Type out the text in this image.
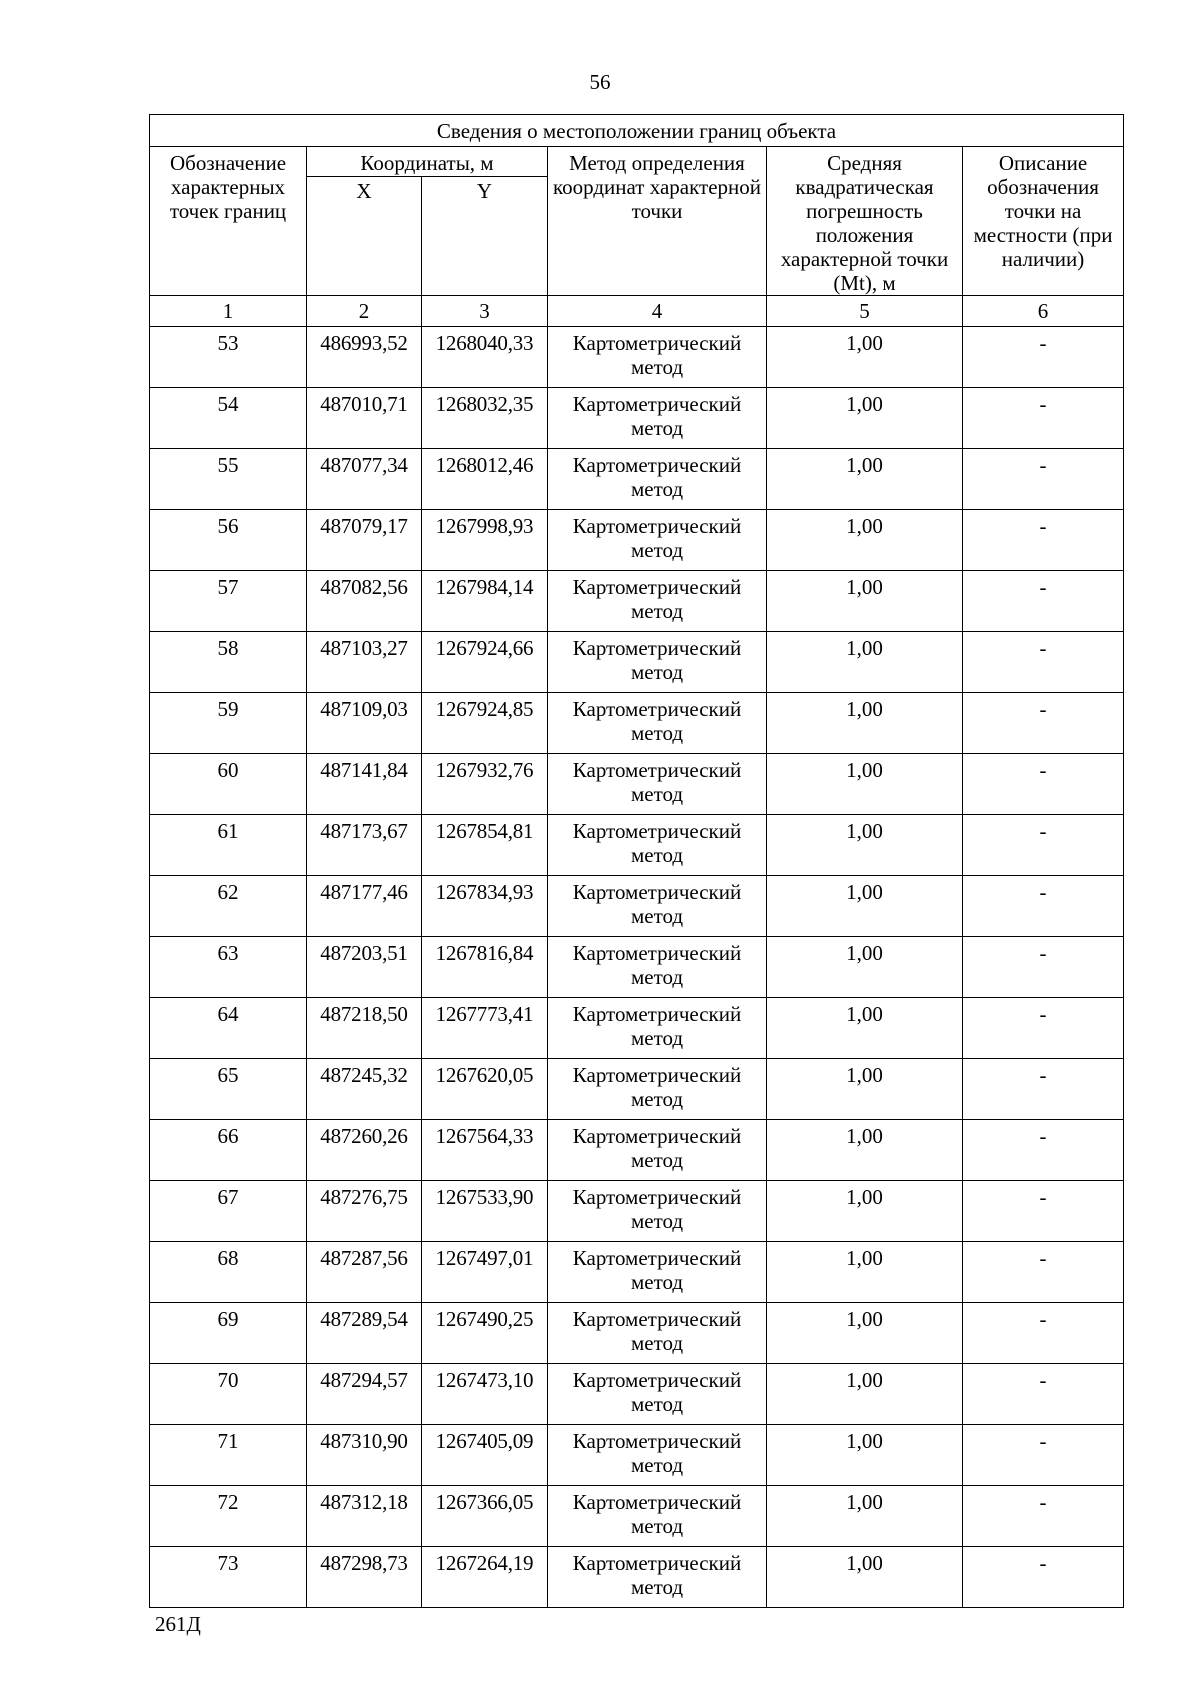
56
Сведения о местоположении границ объекта					
Обозначение характерных точек границ	Координаты, м		Метод определения координат характерной точки	Средняя квадратическая погрешность положения характерной точки (Mt), м	Описание обозначения точки на местности (при наличии)
	X	Y			
1	2	3	4	5	6
53	486993,52	1268040,33	Картометрический метод	1,00	-
54	487010,71	1268032,35	Картометрический метод	1,00	-
55	487077,34	1268012,46	Картометрический метод	1,00	-
56	487079,17	1267998,93	Картометрический метод	1,00	-
57	487082,56	1267984,14	Картометрический метод	1,00	-
58	487103,27	1267924,66	Картометрический метод	1,00	-
59	487109,03	1267924,85	Картометрический метод	1,00	-
60	487141,84	1267932,76	Картометрический метод	1,00	-
61	487173,67	1267854,81	Картометрический метод	1,00	-
62	487177,46	1267834,93	Картометрический метод	1,00	-
63	487203,51	1267816,84	Картометрический метод	1,00	-
64	487218,50	1267773,41	Картометрический метод	1,00	-
65	487245,32	1267620,05	Картометрический метод	1,00	-
66	487260,26	1267564,33	Картометрический метод	1,00	-
67	487276,75	1267533,90	Картометрический метод	1,00	-
68	487287,56	1267497,01	Картометрический метод	1,00	-
69	487289,54	1267490,25	Картометрический метод	1,00	-
70	487294,57	1267473,10	Картометрический метод	1,00	-
71	487310,90	1267405,09	Картометрический метод	1,00	-
72	487312,18	1267366,05	Картометрический метод	1,00	-
73	487298,73	1267264,19	Картометрический метод	1,00	-
261Д
